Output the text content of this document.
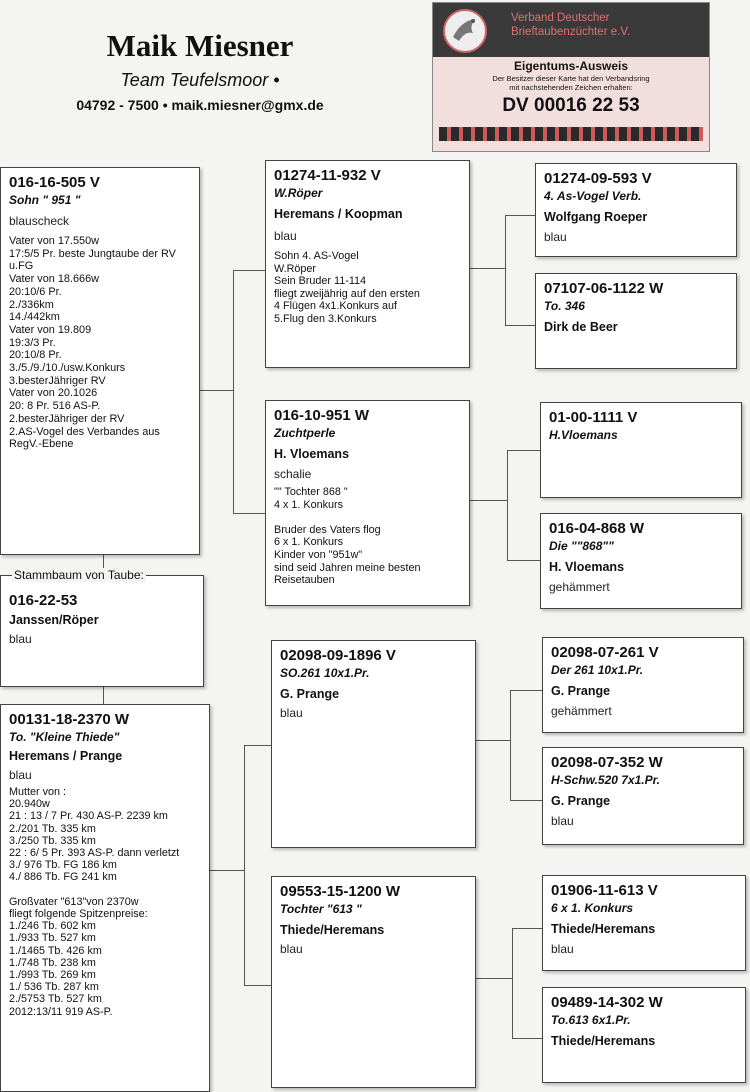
Maik Miesner
Team Teufelsmoor •
04792 - 7500 • maik.miesner@gmx.de
Verband Deutscher
Brieftaubenzüchter e.V.
Eigentums-Ausweis
Der Besitzer dieser Karte hat den Verbandsring
mit nachstehenden Zeichen erhalten:
DV 00016 22 53
016-16-505 V
Sohn " 951 "
blauscheck
Vater von 17.550w
17:5/5 Pr. beste Jungtaube der RV u.FG
Vater von 18.666w
20:10/6 Pr.
2./336km
14./442km
Vater von 19.809
19:3/3 Pr.
20:10/8 Pr.
3./5./9./10./usw.Konkurs
3.besterJähriger RV
Vater von 20.1026
20: 8 Pr. 516 AS-P.
2.besterJähriger der RV
2.AS-Vogel des Verbandes aus RegV.-Ebene
Stammbaum von Taube:
016-22-53
Janssen/Röper
blau
00131-18-2370 W
To. "Kleine Thiede"
Heremans / Prange
blau
Mutter von :
20.940w
21 : 13 / 7 Pr. 430 AS-P. 2239 km
2./201 Tb. 335 km
3./250 Tb. 335 km
22 : 6/ 5 Pr. 393 AS-P. dann verletzt
3./ 976 Tb. FG 186 km
4./ 886 Tb. FG 241 km

Großvater "613"von 2370w
fliegt folgende Spitzenpreise:
1./246 Tb. 602 km
1./933 Tb. 527 km
1./1465 Tb. 426 km
1./748 Tb. 238 km
1./993 Tb. 269 km
1./ 536 Tb. 287 km
2./5753 Tb. 527 km
2012:13/11 919 AS-P.
01274-11-932 V
W.Röper
Heremans / Koopman
blau
Sohn 4. AS-Vogel
W.Röper
Sein Bruder 11-114
fliegt zweijährig auf den ersten
4 Flügen 4x1.Konkurs auf
5.Flug den 3.Konkurs
016-10-951 W
Zuchtperle
H. Vloemans
schalie
"" Tochter 868 "
4 x 1. Konkurs

Bruder des Vaters flog
6 x 1. Konkurs
Kinder von "951w"
sind seid Jahren meine besten Reisetauben
02098-09-1896 V
SO.261 10x1.Pr.
G. Prange
blau
09553-15-1200 W
Tochter "613 "
Thiede/Heremans
blau
01274-09-593 V
4. As-Vogel Verb.
Wolfgang Roeper
blau
07107-06-1122 W
To. 346
Dirk de Beer
01-00-1111 V
H.Vloemans
016-04-868 W
Die ""868""
H. Vloemans
gehämmert
02098-07-261 V
Der 261 10x1.Pr.
G. Prange
gehämmert
02098-07-352 W
H-Schw.520 7x1.Pr.
G. Prange
blau
01906-11-613 V
6 x 1. Konkurs
Thiede/Heremans
blau
09489-14-302 W
To.613 6x1.Pr.
Thiede/Heremans
